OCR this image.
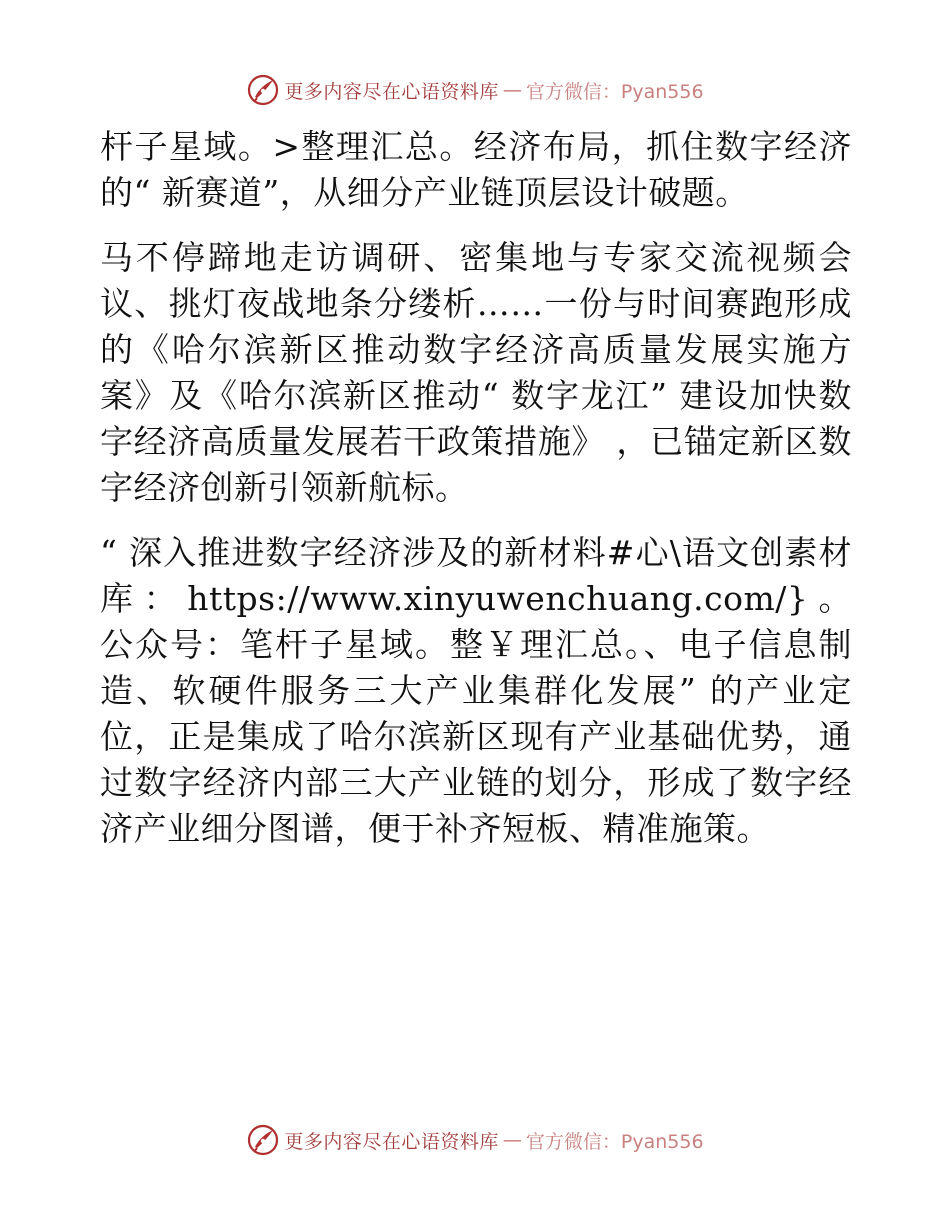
更多内容尽在心语资料库 — 官方微信：Pyan556

杆子星域。>整理汇总。经济布局，抓住数字经济的“ 新赛道”，从细分产业链顶层设计破题。

马不停蹄地走访调研、密集地与专家交流视频会议、挑灯夜战地条分缕析……一份与时间赛跑形成的《哈尔滨新区推动数字经济高质量发展实施方案》及《哈尔滨新区推动“ 数字龙江” 建设加快数字经济高质量发展若干政策措施》 ，已锚定新区数字经济创新引领新航标。

“ 深入推进数字经济涉及的新材料#心\语文创素材库：https://www.xinyuwenchuang.com/}。公众号：笔杆子星域。整￥理汇总。、电子信息制造、软硬件服务三大产业集群化发展” 的产业定位，正是集成了哈尔滨新区现有产业基础优势，通过数字经济内部三大产业链的划分，形成了数字经济产业细分图谱，便于补齐短板、精准施策。

更多内容尽在心语资料库 — 官方微信：Pyan556
